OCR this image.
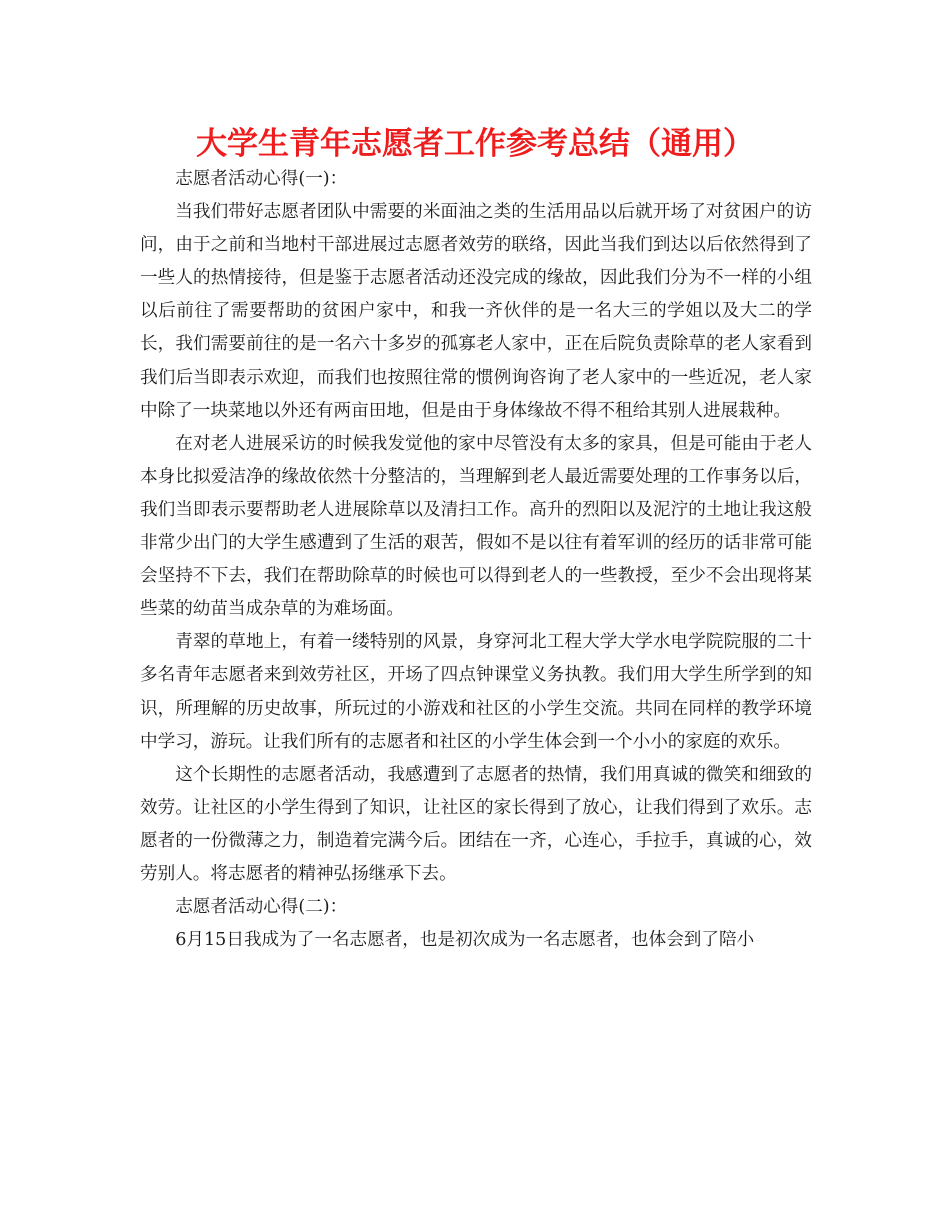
大学生青年志愿者工作参考总结（通用）

志愿者活动心得(一)：

当我们带好志愿者团队中需要的米面油之类的生活用品以后就开场了对贫困户的访问，由于之前和当地村干部进展过志愿者效劳的联络，因此当我们到达以后依然得到了一些人的热情接待，但是鉴于志愿者活动还没完成的缘故，因此我们分为不一样的小组以后前往了需要帮助的贫困户家中，和我一齐伙伴的是一名大三的学姐以及大二的学长，我们需要前往的是一名六十多岁的孤寡老人家中，正在后院负责除草的老人家看到我们后当即表示欢迎，而我们也按照往常的惯例询咨询了老人家中的一些近况，老人家中除了一块菜地以外还有两亩田地，但是由于身体缘故不得不租给其别人进展栽种。

在对老人进展采访的时候我发觉他的家中尽管没有太多的家具，但是可能由于老人本身比拟爱洁净的缘故依然十分整洁的，当理解到老人最近需要处理的工作事务以后，我们当即表示要帮助老人进展除草以及清扫工作。高升的烈阳以及泥泞的土地让我这般非常少出门的大学生感遭到了生活的艰苦，假如不是以往有着军训的经历的话非常可能会坚持不下去，我们在帮助除草的时候也可以得到老人的一些教授，至少不会出现将某些菜的幼苗当成杂草的为难场面。

青翠的草地上，有着一缕特别的风景，身穿河北工程大学大学水电学院院服的二十多名青年志愿者来到效劳社区，开场了四点钟课堂义务执教。我们用大学生所学到的知识，所理解的历史故事，所玩过的小游戏和社区的小学生交流。共同在同样的教学环境中学习，游玩。让我们所有的志愿者和社区的小学生体会到一个小小的家庭的欢乐。

这个长期性的志愿者活动，我感遭到了志愿者的热情，我们用真诚的微笑和细致的效劳。让社区的小学生得到了知识，让社区的家长得到了放心，让我们得到了欢乐。志愿者的一份微薄之力，制造着完满今后。团结在一齐，心连心，手拉手，真诚的心，效劳别人。将志愿者的精神弘扬继承下去。

志愿者活动心得(二)：

6月15日我成为了一名志愿者，也是初次成为一名志愿者，也体会到了陪小
